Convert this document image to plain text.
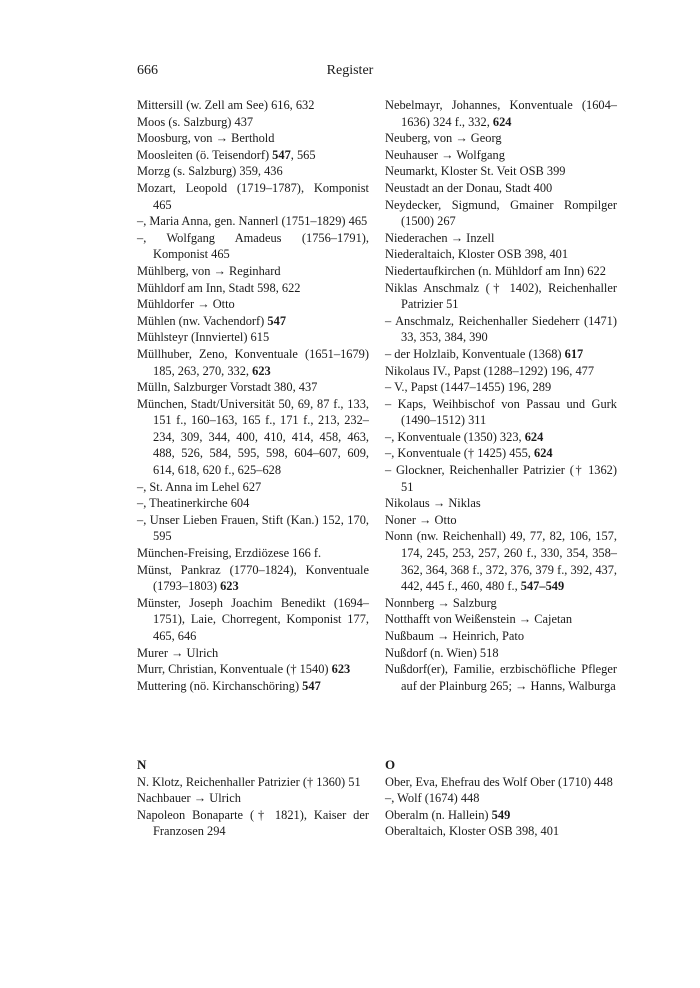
666	Register
Mittersill (w. Zell am See) 616, 632
Moos (s. Salzburg) 437
Moosburg, von → Berthold
Moosleiten (ö. Teisendorf) 547, 565
Morzg (s. Salzburg) 359, 436
Mozart, Leopold (1719–1787), Komponist 465
–, Maria Anna, gen. Nannerl (1751–1829) 465
–, Wolfgang Amadeus (1756–1791), Komponist 465
Mühlberg, von → Reginhard
Mühldorf am Inn, Stadt 598, 622
Mühldorfer → Otto
Mühlen (nw. Vachendorf) 547
Mühlsteyr (Innviertel) 615
Müllhuber, Zeno, Konventuale (1651–1679) 185, 263, 270, 332, 623
Mülln, Salzburger Vorstadt 380, 437
München, Stadt/Universität 50, 69, 87 f., 133, 151 f., 160–163, 165 f., 171 f., 213, 232–234, 309, 344, 400, 410, 414, 458, 463, 488, 526, 584, 595, 598, 604–607, 609, 614, 618, 620 f., 625–628
–, St. Anna im Lehel 627
–, Theatinerkirche 604
–, Unser Lieben Frauen, Stift (Kan.) 152, 170, 595
München-Freising, Erzdiözese 166 f.
Münst, Pankraz (1770–1824), Konventuale (1793–1803) 623
Münster, Joseph Joachim Benedikt (1694–1751), Laie, Chorregent, Komponist 177, 465, 646
Murer → Ulrich
Murr, Christian, Konventuale († 1540) 623
Muttering (nö. Kirchanschöring) 547
Nebelmayr, Johannes, Konventuale (1604–1636) 324 f., 332, 624
Neuberg, von → Georg
Neuhauser → Wolfgang
Neumarkt, Kloster St. Veit OSB 399
Neustadt an der Donau, Stadt 400
Neydecker, Sigmund, Gmainer Rompilger (1500) 267
Niederachen → Inzell
Niederaltaich, Kloster OSB 398, 401
Niedertaufkirchen (n. Mühldorf am Inn) 622
Niklas Anschmalz († 1402), Reichenhaller Patrizier 51
– Anschmalz, Reichenhaller Siedeherr (1471) 33, 353, 384, 390
– der Holzlaib, Konventuale (1368) 617
Nikolaus IV., Papst (1288–1292) 196, 477
– V., Papst (1447–1455) 196, 289
– Kaps, Weihbischof von Passau und Gurk (1490–1512) 311
–, Konventuale (1350) 323, 624
–, Konventuale († 1425) 455, 624
– Glockner, Reichenhaller Patrizier († 1362) 51
Nikolaus → Niklas
Noner → Otto
Nonn (nw. Reichenhall) 49, 77, 82, 106, 157, 174, 245, 253, 257, 260 f., 330, 354, 358–362, 364, 368 f., 372, 376, 379 f., 392, 437, 442, 445 f., 460, 480 f., 547–549
Nonnberg → Salzburg
Notthafft von Weißenstein → Cajetan
Nußbaum → Heinrich, Pato
Nußdorf (n. Wien) 518
Nußdorf(er), Familie, erzbischöfliche Pfleger auf der Plainburg 265; → Hanns, Walburga
N
N. Klotz, Reichenhaller Patrizier († 1360) 51
Nachbauer → Ulrich
Napoleon Bonaparte († 1821), Kaiser der Franzosen 294
O
Ober, Eva, Ehefrau des Wolf Ober (1710) 448
–, Wolf (1674) 448
Oberalm (n. Hallein) 549
Oberaltaich, Kloster OSB 398, 401
